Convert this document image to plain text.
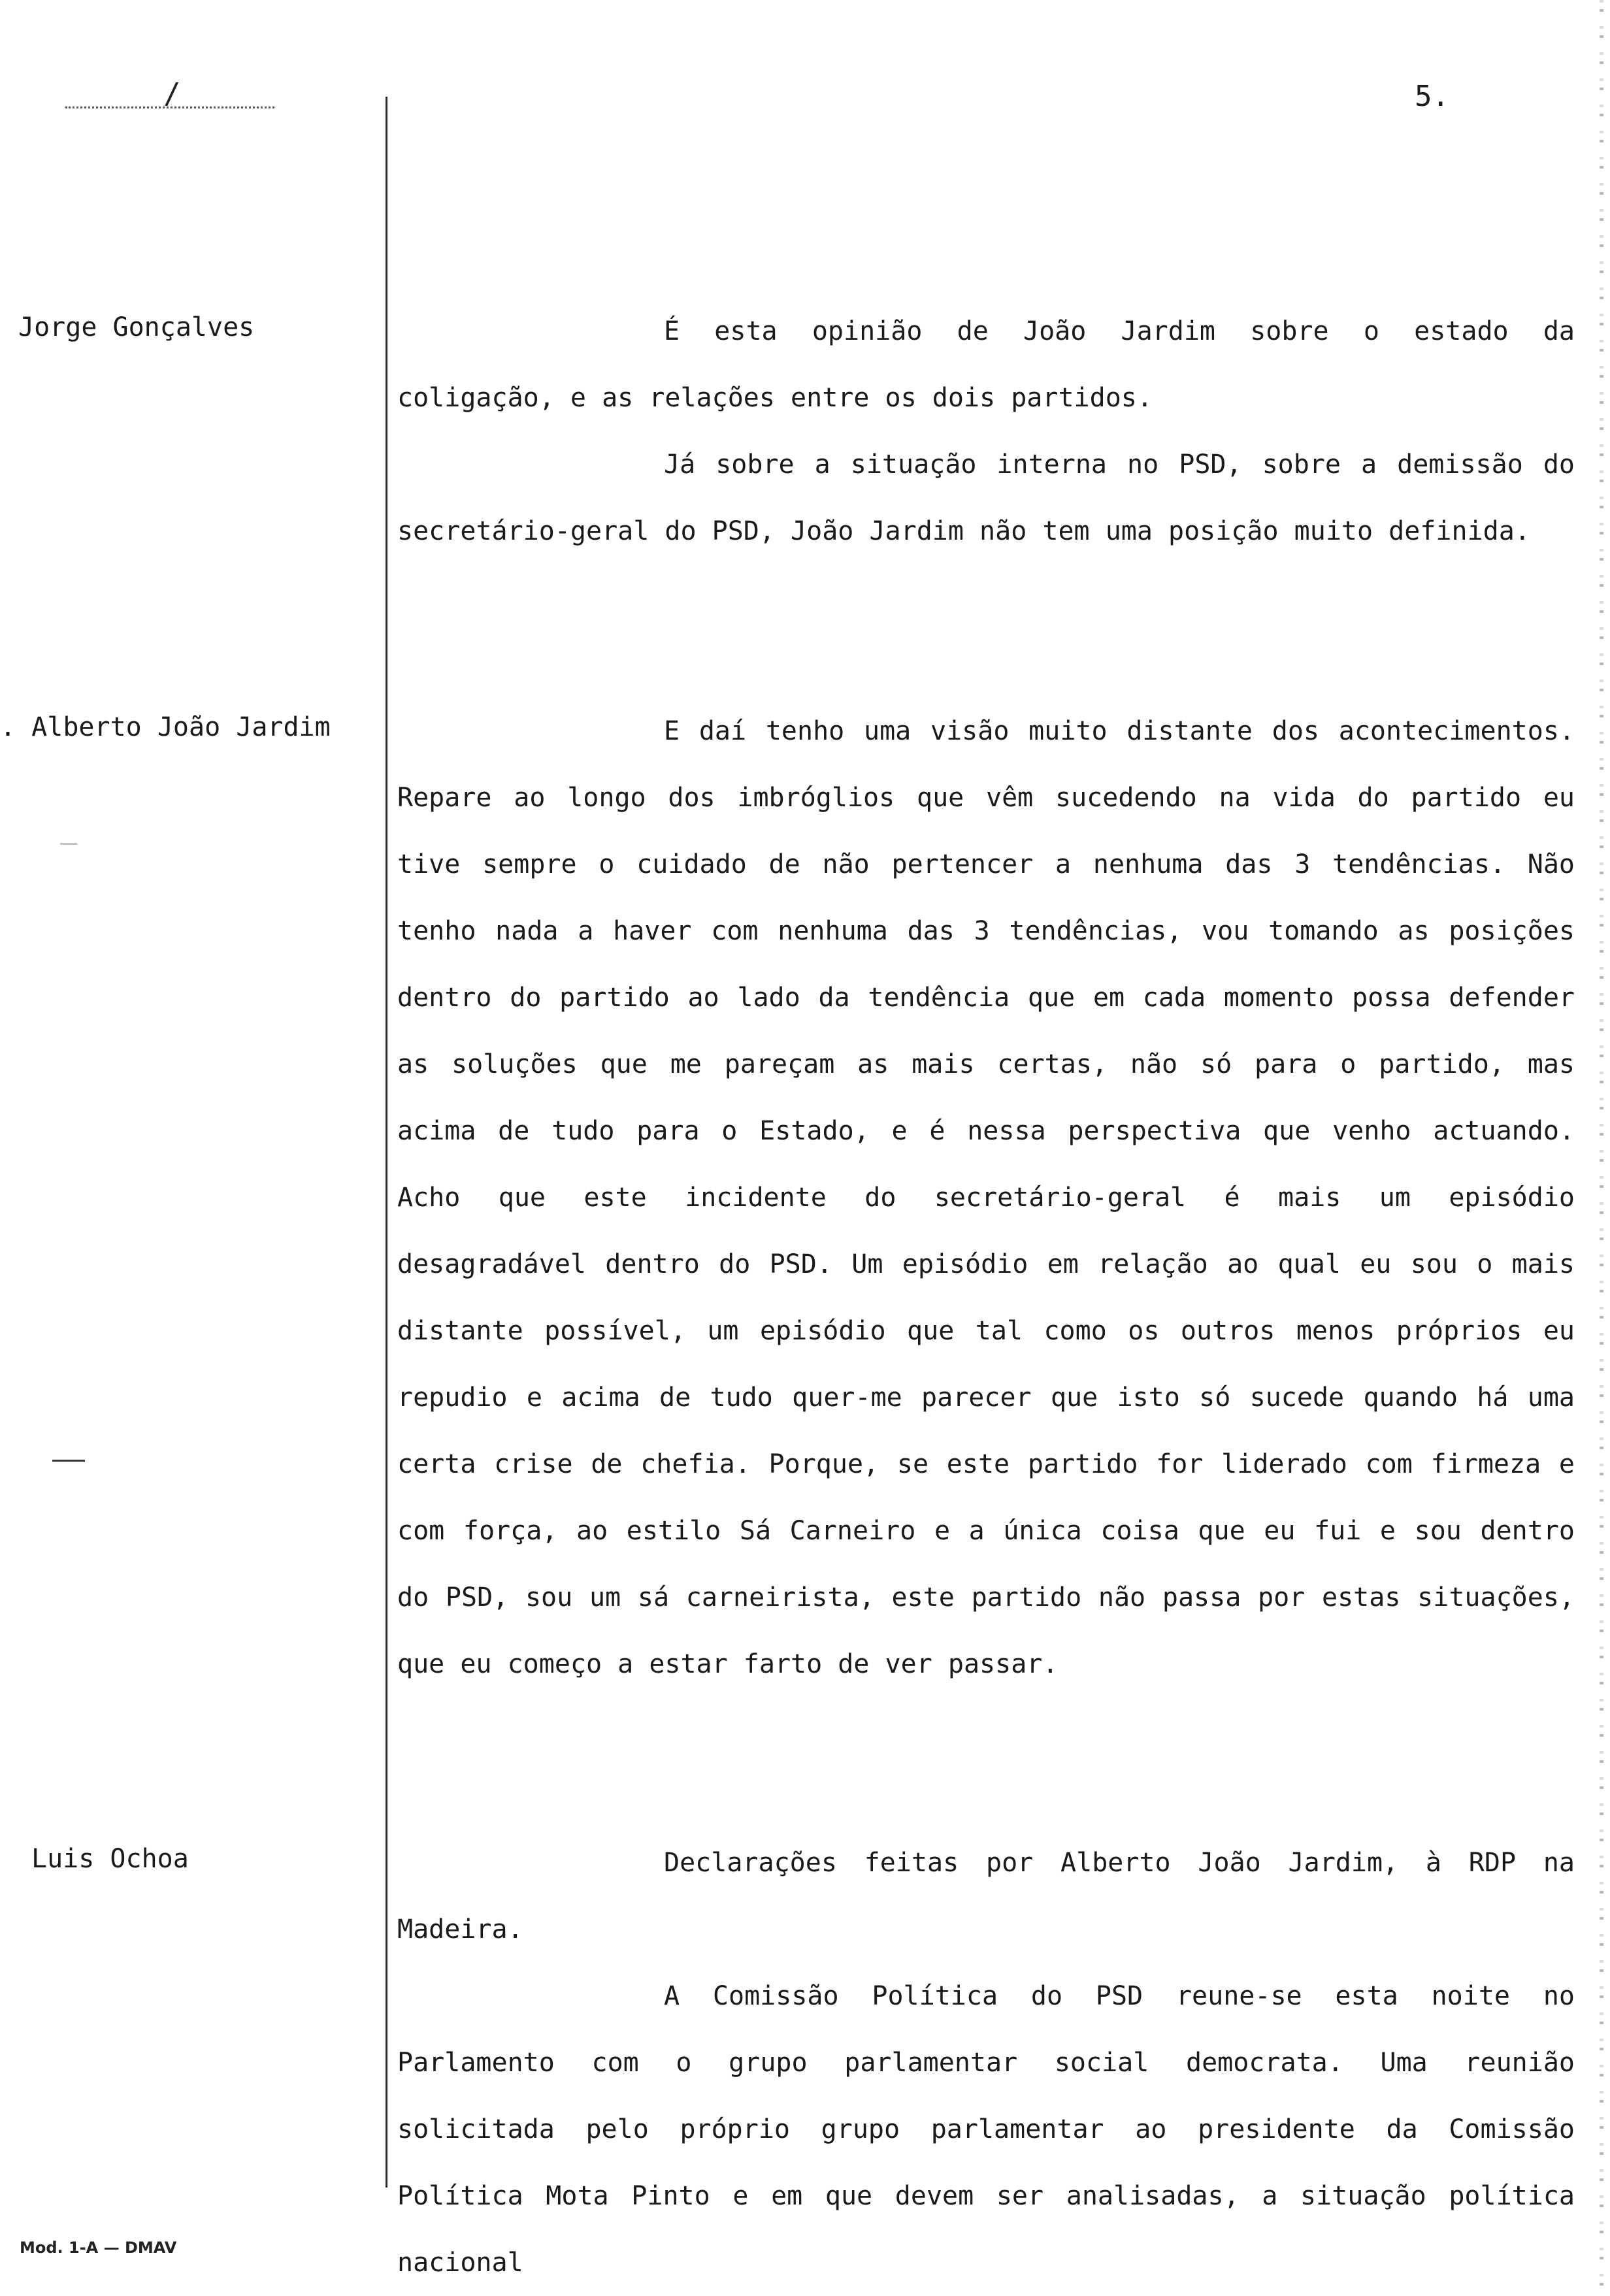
/	5.
Jorge Gonçalves	É esta opinião de João Jardim sobre o estado da coligação, e as relações entre os dois partidos.

Já sobre a situação interna no PSD, sobre a demissão do secretário-geral do PSD, João Jardim não tem uma posição muito definida.

. Alberto João Jardim	E daí tenho uma visão muito distante dos acontecimentos. Repare ao longo dos imbróglios que vêm sucedendo na vida do partido eu tive sempre o cuidado de não pertencer a nenhuma das 3 tendências. Não tenho nada a haver com nenhuma das 3 tendências, vou tomando as posições dentro do partido ao lado da tendência que em cada momento possa defender as soluções que me pareçam as mais certas, não só para o partido, mas acima de tudo para o Estado, e é nessa perspectiva que venho actuando. Acho que este incidente do secretário-geral é mais um episódio desagradável dentro do PSD. Um episódio em relação ao qual eu sou o mais distante possível, um episódio que tal como os outros menos próprios eu repudio e acima de tudo quer-me parecer que isto só sucede quando há uma certa crise de chefia. Porque, se este partido for liderado com firmeza e com força, ao estilo Sá Carneiro e a única coisa que eu fui e sou dentro do PSD, sou um sá carneirista, este partido não passa por estas situações, que eu começo a estar farto de ver passar.

Luis Ochoa	Declarações feitas por Alberto João Jardim, à RDP na Madeira.

A Comissão Política do PSD reune-se esta noite no Parlamento com o grupo parlamentar social democrata. Uma reunião solicitada pelo próprio grupo parlamentar ao presidente da Comissão Política Mota Pinto e em que devem ser analisadas, a situação política nacional

Mod. 1-A — DMAV
